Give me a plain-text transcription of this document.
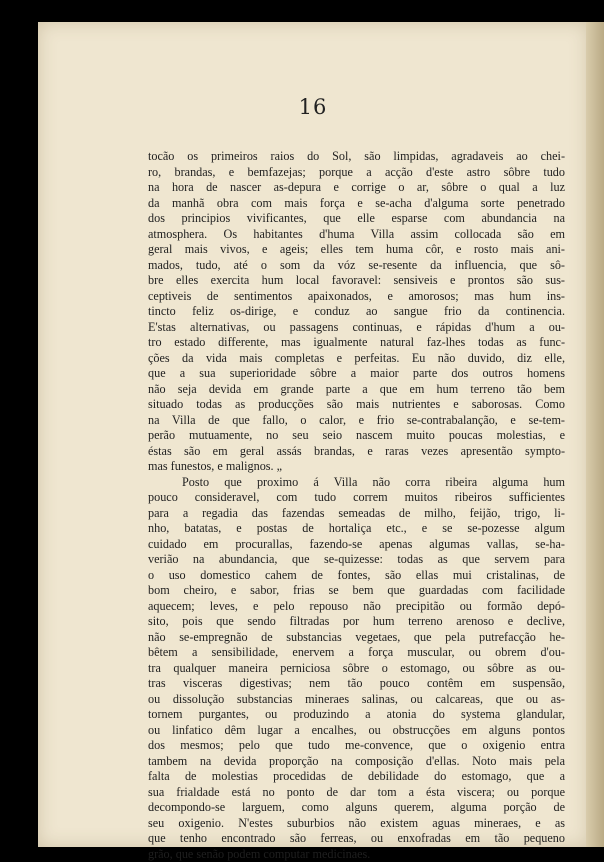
16
tocão os primeiros raios do Sol, são limpidas, agradaveis ao chei-
ro, brandas, e bemfazejas; porque a acção d'este astro sôbre tudo
na hora de nascer as-depura e corrige o ar, sôbre o qual a luz
da manhã obra com mais força e se-acha d'alguma sorte penetrado
dos principios vivificantes, que elle esparse com abundancia na
atmosphera. Os habitantes d'huma Villa assim collocada são em
geral mais vivos, e ageis; elles tem huma côr, e rosto mais ani-
mados, tudo, até o som da vóz se-resente da influencia, que sô-
bre elles exercita hum local favoravel: sensiveis e prontos são sus-
ceptiveis de sentimentos apaixonados, e amorosos; mas hum ins-
tincto feliz os-dirige, e conduz ao sangue frio da continencia.
E'stas alternativas, ou passagens continuas, e rápidas d'hum a ou-
tro estado differente, mas igualmente natural faz-lhes todas as func-
ções da vida mais completas e perfeitas. Eu não duvido, diz elle,
que a sua superioridade sôbre a maior parte dos outros homens
não seja devida em grande parte a que em hum terreno tão bem
situado todas as producções são mais nutrientes e saborosas. Como
na Villa de que fallo, o calor, e frio se-contrabalanção, e se-tem-
perão mutuamente, no seu seio nascem muito poucas molestias, e
éstas são em geral assás brandas, e raras vezes apresentão sympto-
mas funestos, e malignos. „
Posto que proximo á Villa não corra ribeira alguma hum
pouco consideravel, com tudo correm muitos ribeiros sufficientes
para a regadia das fazendas semeadas de milho, feijão, trigo, li-
nho, batatas, e postas de hortaliça etc., e se se-pozesse algum
cuidado em procurallas, fazendo-se apenas algumas vallas, se-ha-
verião na abundancia, que se-quizesse: todas as que servem para
o uso domestico cahem de fontes, são ellas mui cristalinas, de
bom cheiro, e sabor, frias se bem que guardadas com facilidade
aquecem; leves, e pelo repouso não precipitão ou formão depó-
sito, pois que sendo filtradas por hum terreno arenoso e declive,
não se-empregnão de substancias vegetaes, que pela putrefacção he-
bêtem a sensibilidade, enervem a força muscular, ou obrem d'ou-
tra qualquer maneira perniciosa sôbre o estomago, ou sôbre as ou-
tras visceras digestivas; nem tão pouco contêm em suspensão,
ou dissolução substancias mineraes salinas, ou calcareas, que ou as-
tornem purgantes, ou produzindo a atonia do systema glandular,
ou linfatico dêm lugar a encalhes, ou obstrucções em alguns pontos
dos mesmos; pelo que tudo me-convence, que o oxigenio entra
tambem na devida proporção na composição d'ellas. Noto mais pela
falta de molestias procedidas de debilidade do estomago, que a
sua frialdade está no ponto de dar tom a ésta viscera; ou porque
decompondo-se larguem, como alguns querem, alguma porção de
seu oxigenio. N'estes suburbios não existem aguas mineraes, e as
que tenho encontrado são ferreas, ou enxofradas em tão pequeno
grão, que senão podem computar medicinaes.
